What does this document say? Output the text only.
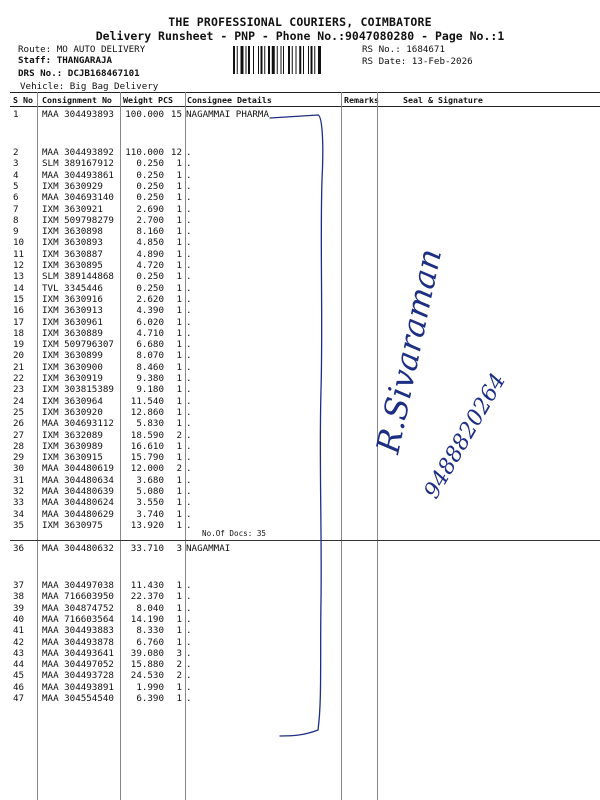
THE PROFESSIONAL COURIERS, COIMBATORE
Delivery Runsheet - PNP - Phone No.:9047080280 - Page No.:1
Route: MO AUTO DELIVERY
Staff: THANGARAJA
DRS No.: DCJB168467101
Vehicle: Big Bag Delivery
RS No.: 1684671
RS Date: 13-Feb-2026
S No Consignment No Weight PCS Consignee Details	Remarks	Seal & Signature
1	MAA 304493893	100.000 15 NAGAMMAI PHARMA
2	MAA 304493892	110.000 12 .
3	SLM 389167912	0.250	1 .
4	MAA 304493861	0.250	1 .
5	IXM 3630929	0.250	1 .
6	MAA 304693140	0.250	1 .
7	IXM 3630921	2.690	1 .
8	IXM 509798279	2.700	1 .
9	IXM 3630898	8.160	1 .
10 IXM 3630893	4.850	1 .
11 IXM 3630887	4.890	1 .
12 IXM 3630895	4.720	1 .
13 SLM 389144868	0.250	1 .
14 TVL 3345446	0.250	1 .
15 IXM 3630916	2.620	1 .
16 IXM 3630913	4.390	1 .
17 IXM 3630961	6.020	1 .
18 IXM 3630889	4.710	1 .
19 IXM 509796307	6.680	1 .
20 IXM 3630899	8.070	1 .
21 IXM 3630900	8.460	1 .
22 IXM 3630919	9.380	1 .
23 IXM 303815389	9.180	1 .
24 IXM 3630964	11.540	1 .
25 IXM 3630920	12.860	1 .
26 MAA 304693112	5.830	1 .
27 IXM 3632089	18.590	2 .
28 IXM 3630989	16.610	1 .
29 IXM 3630915	15.790	1 .
30 MAA 304480619	12.000	2 .
31 MAA 304480634	3.680	1 .
32 MAA 304480639	5.080	1 .
33 MAA 304480624	3.550	1 .
34 MAA 304480629	3.740	1 .
35 IXM 3630975	13.920	1 .
36 MAA 304480632	33.710	3 NAGAMMAI
37 MAA 304497038	11.430	1 .
38 MAA 716603950	22.370	1 .
39 MAA 304874752	8.040	1 .
40 MAA 716603564	14.190	1 .
41 MAA 304493883	8.330	1 .
42 MAA 304493878	6.760	1 .
43 MAA 304493641	39.080	3 .
44 MAA 304497052	15.880	2 .
45 MAA 304493728	24.530	2 .
46 MAA 304493891	1.990	1 .
47 MAA 304554540	6.390	1 .
No.Of Docs: 35
R.Sivaraman
9488820264
